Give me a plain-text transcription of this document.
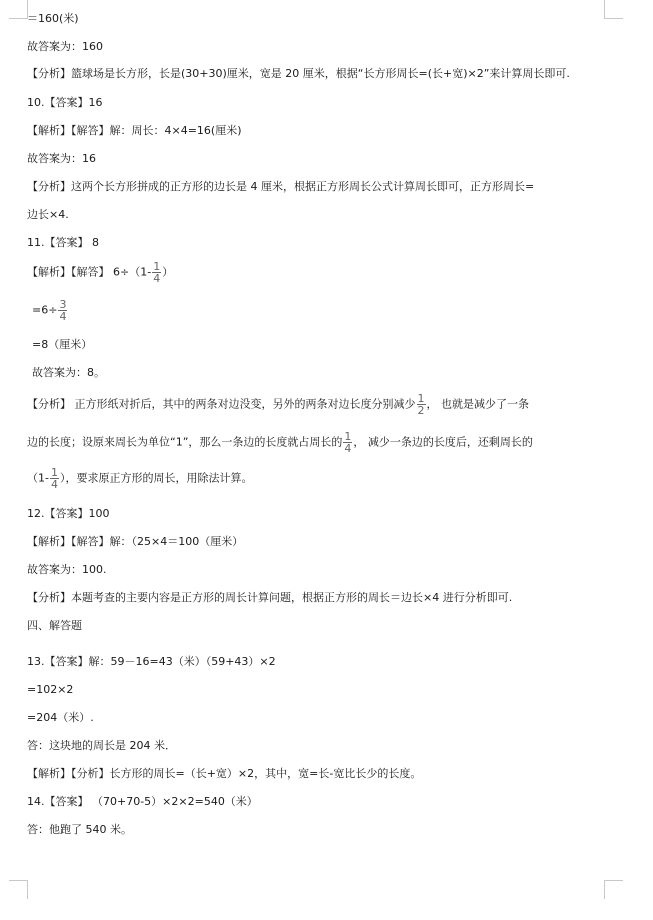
＝160(米)
故答案为：160
【分析】篮球场是长方形，长是(30+30)厘米，宽是 20 厘米，根据“长方形周长=(长+宽)×2”来计算周长即可.
10.【答案】16
【解析】【解答】解：周长：4×4=16(厘米)
故答案为：16
【分析】这两个长方形拼成的正方形的边长是 4 厘米，根据正方形周长公式计算周长即可，正方形周长=
边长×4.
11.【答案】 8
【解析】【解答】 $6\div(1- \frac{1}{4}$ ）
$=6\div \frac{3}{4}$
=8（厘米）
故答案为：8。
【分析】 正方形纸对折后，其中的两条对边没变，另外的两条对边长度分别减少 $\frac{1}{2}$ ， 也就是减少了一条
边的长度；设原来周长为单位“1”，那么一条边的长度就占周长的 $\frac{1}{4}$ ， 减少一条边的长度后，还剩周长的
（$1- \frac{1}{4}$ ），要求原正方形的周长，用除法计算。
12.【答案】100
【解析】【解答】解：（25×4＝100（厘米）
故答案为：100.
【分析】本题考查的主要内容是正方形的周长计算问题，根据正方形的周长＝边长×4 进行分析即可.
四、解答题
13.【答案】解：59－16=43（米）（59+43）×2
=102×2
=204（米）.
答：这块地的周长是 204 米．
【解析】【分析】长方形的周长=（长+宽）×2，其中，宽=长-宽比长少的长度。
14.【答案】 （70+70-5）×2×2=540（米）
答：他跑了 540 米。
